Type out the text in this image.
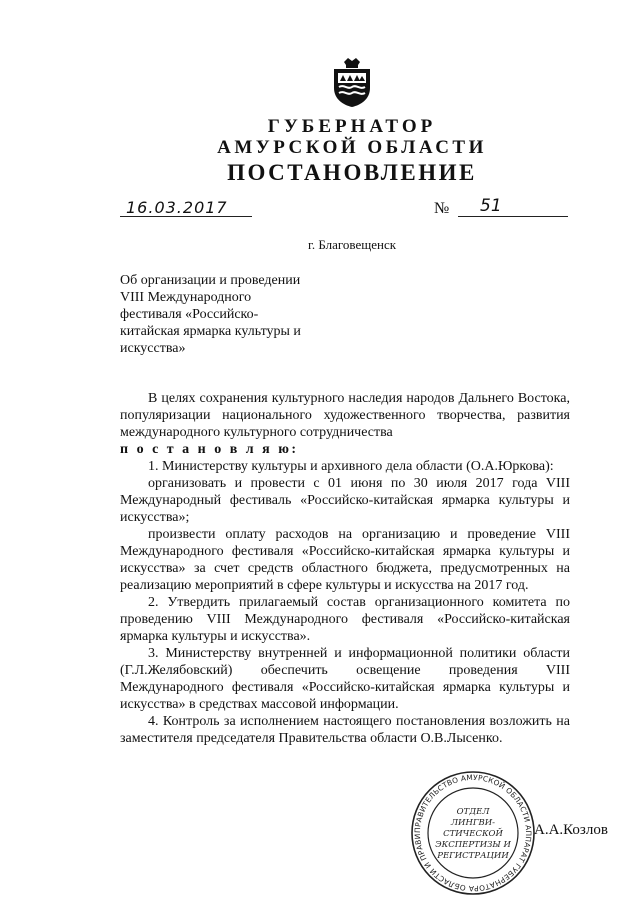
ГУБЕРНАТОР
АМУРСКОЙ ОБЛАСТИ
ПОСТАНОВЛЕНИЕ
16.03.2017	№ 51
г. Благовещенск
Об организации и проведении
VIII Международного
фестиваля «Российско-
китайская ярмарка культуры и
искусства»

В целях сохранения культурного наследия народов Дальнего Востока, популяризации национального художественного творчества, развития международного культурного сотрудничества

п о с т а н о в л я ю:

1. Министерству культуры и архивного дела области (О.А.Юркова):

организовать и провести с 01 июня по 30 июля 2017 года VIII Международный фестиваль «Российско-китайская ярмарка культуры и искусства»;

произвести оплату расходов на организацию и проведение VIII Международного фестиваля «Российско-китайская ярмарка культуры и искусства» за счет средств областного бюджета, предусмотренных на реализацию мероприятий в сфере культуры и искусства на 2017 год.

2. Утвердить прилагаемый состав организационного комитета по проведению VIII Международного фестиваля «Российско-китайская ярмарка культуры и искусства».

3. Министерству внутренней и информационной политики области (Г.Л.Желябовский) обеспечить освещение проведения VIII Международного фестиваля «Российско-китайская ярмарка культуры и искусства» в средствах массовой информации.

4. Контроль за исполнением настоящего постановления возложить на заместителя председателя Правительства области О.В.Лысенко.

ПРАВИТЕЛЬСТВО АМУРСКОЙ ОБЛАСТИ АППАРАТ ГУБЕРНАТОРА ОБЛАСТИ И ПРАВИ
ОТДЕЛ
ЛИНГВИ-
СТИЧЕСКОЙ
ЭКСПЕРТИЗЫ И
РЕГИСТРАЦИИ
А.А.Козлов
